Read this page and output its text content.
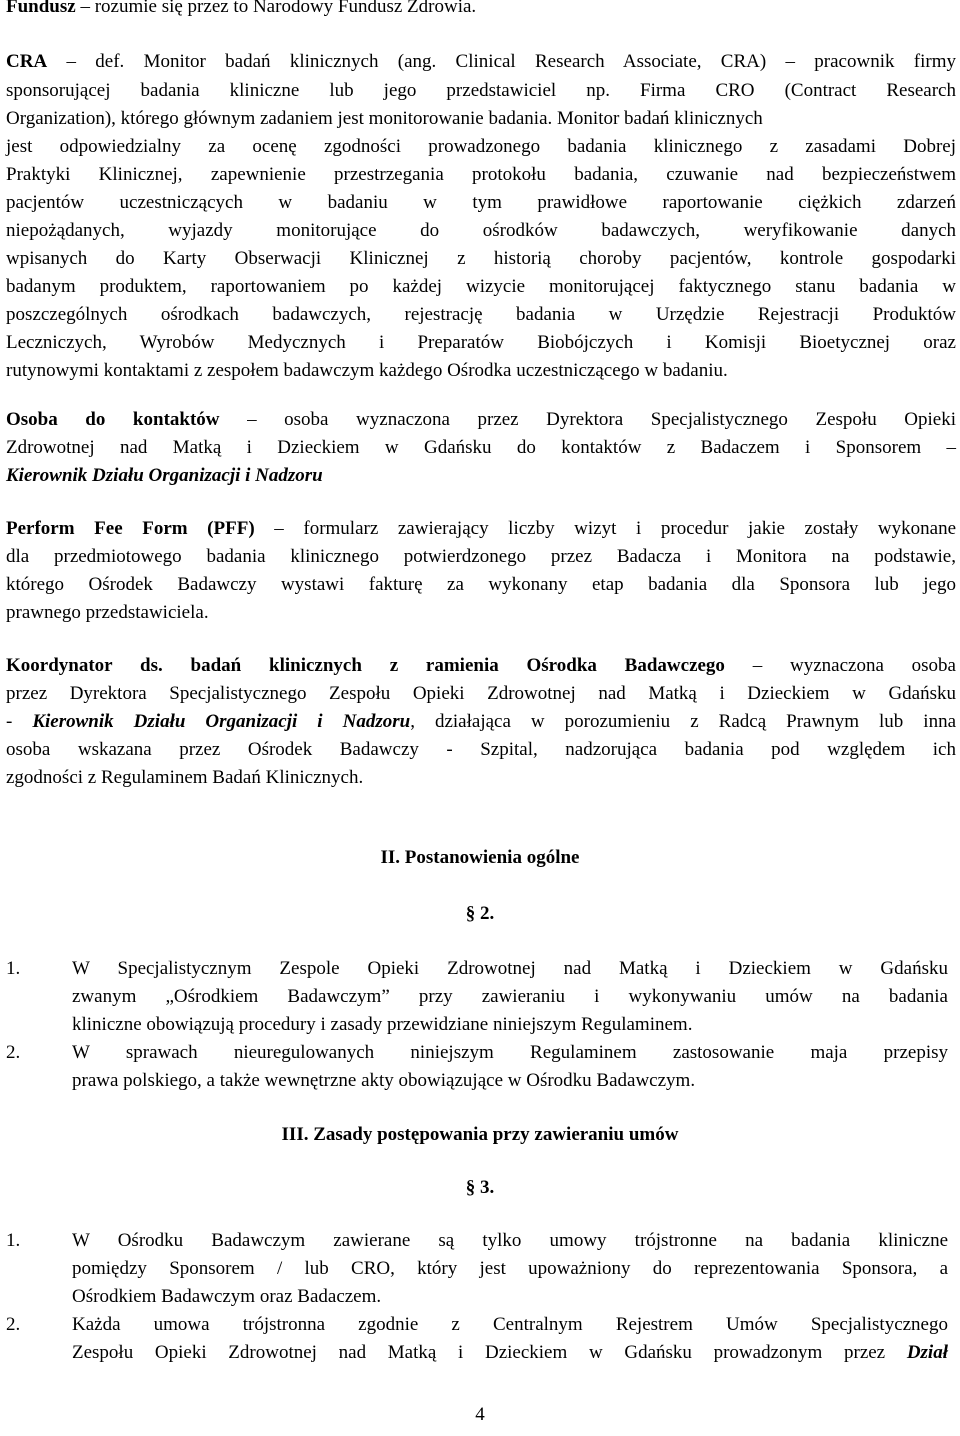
Fundusz – rozumie się przez to Narodowy Fundusz Zdrowia.
CRA – def. Monitor badań klinicznych (ang. Clinical Research Associate, CRA) – pracownik firmy
sponsorującej badania kliniczne lub jego przedstawiciel np. Firma CRO (Contract Research
Organization), którego głównym zadaniem jest monitorowanie badania. Monitor badań klinicznych
jest odpowiedzialny za ocenę zgodności prowadzonego badania klinicznego z zasadami Dobrej
Praktyki Klinicznej, zapewnienie przestrzegania protokołu badania, czuwanie nad bezpieczeństwem
pacjentów uczestniczących w badaniu w tym prawidłowe raportowanie ciężkich zdarzeń
niepożądanych, wyjazdy monitorujące do ośrodków badawczych, weryfikowanie danych
wpisanych do Karty Obserwacji Klinicznej z historią choroby pacjentów, kontrole gospodarki
badanym produktem, raportowaniem po każdej wizycie monitorującej faktycznego stanu badania w
poszczególnych ośrodkach badawczych, rejestrację badania w Urzędzie Rejestracji Produktów
Leczniczych, Wyrobów Medycznych i Preparatów Biobójczych i Komisji Bioetycznej oraz
rutynowymi kontaktami z zespołem badawczym każdego Ośrodka uczestniczącego w badaniu.
Osoba do kontaktów – osoba wyznaczona przez Dyrektora Specjalistycznego Zespołu Opieki
Zdrowotnej nad Matką i Dzieckiem w Gdańsku do kontaktów z Badaczem i Sponsorem –
Kierownik Działu Organizacji i Nadzoru
Perform Fee Form (PFF) – formularz zawierający liczby wizyt i procedur jakie zostały wykonane
dla przedmiotowego badania klinicznego potwierdzonego przez Badacza i Monitora na podstawie,
którego Ośrodek Badawczy wystawi fakturę za wykonany etap badania dla Sponsora lub jego
prawnego przedstawiciela.
Koordynator ds. badań klinicznych z ramienia Ośrodka Badawczego – wyznaczona osoba
przez Dyrektora Specjalistycznego Zespołu Opieki Zdrowotnej nad Matką i Dzieckiem w Gdańsku
- Kierownik Działu Organizacji i Nadzoru, działająca w porozumieniu z Radcą Prawnym lub inna
osoba wskazana przez Ośrodek Badawczy - Szpital, nadzorująca badania pod względem ich
zgodności z Regulaminem Badań Klinicznych.
II. Postanowienia ogólne
§ 2.
1.	W Specjalistycznym Zespole Opieki Zdrowotnej nad Matką i Dzieckiem w Gdańsku
zwanym „Ośrodkiem Badawczym” przy zawieraniu i wykonywaniu umów na badania
kliniczne obowiązują procedury i zasady przewidziane niniejszym Regulaminem.
2.	W sprawach nieuregulowanych niniejszym Regulaminem zastosowanie maja przepisy
prawa polskiego, a także wewnętrzne akty obowiązujące w Ośrodku Badawczym.
III. Zasady postępowania przy zawieraniu umów
§ 3.
1.	W Ośrodku Badawczym zawierane są tylko umowy trójstronne na badania kliniczne
pomiędzy Sponsorem / lub CRO, który jest upoważniony do reprezentowania Sponsora, a
Ośrodkiem Badawczym oraz Badaczem.
2.	Każda umowa trójstronna zgodnie z Centralnym Rejestrem Umów Specjalistycznego
Zespołu Opieki Zdrowotnej nad Matką i Dzieckiem w Gdańsku prowadzonym przez Dział
4
